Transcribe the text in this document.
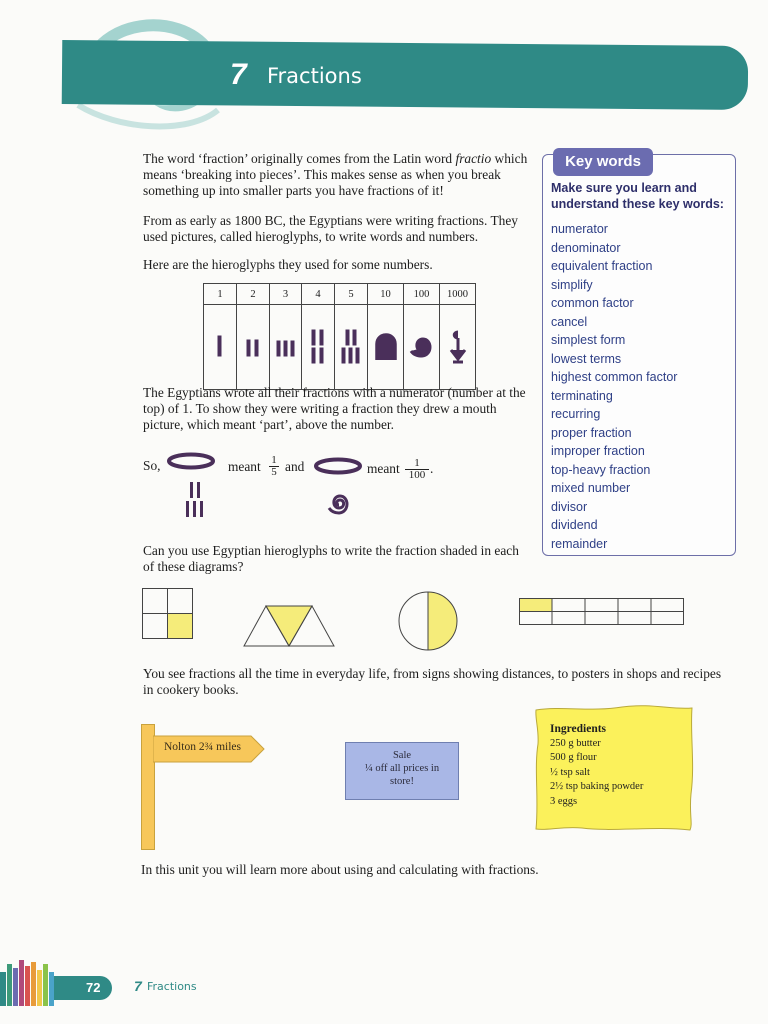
7 Fractions
The word ‘fraction’ originally comes from the Latin word fractio which means ‘breaking into pieces’. This makes sense as when you break something up into smaller parts you have fractions of it!
From as early as 1800 BC, the Egyptians were writing fractions. They used pictures, called hieroglyphs, to write words and numbers.
Here are the hieroglyphs they used for some numbers.
1	2	3	4	5	10	100	1000

The Egyptians wrote all their fractions with a numerator (number at the top) of 1. To show they were writing a fraction they drew a mouth picture, which meant ‘part’, above the number.
So,	meant $\frac{1}{5}$ and	meant $\frac{1}{100}$ .
Can you use Egyptian hieroglyphs to write the fraction shaded in each of these diagrams?
You see fractions all the time in everyday life, from signs showing distances, to posters in shops and recipes in cookery books.
Nolton 2¾ miles
Sale
¼ off all prices in
store!
Ingredients
250 g butter
500 g flour
½ tsp salt
2½ tsp baking powder
3 eggs
In this unit you will learn more about using and calculating with fractions.
Key words
Make sure you learn and understand these key words:
numerator
denominator
equivalent fraction
simplify
common factor
cancel
simplest form
lowest terms
highest common factor
terminating
recurring
proper fraction
improper fraction
top-heavy fraction
mixed number
divisor
dividend
remainder
72 7 Fractions
